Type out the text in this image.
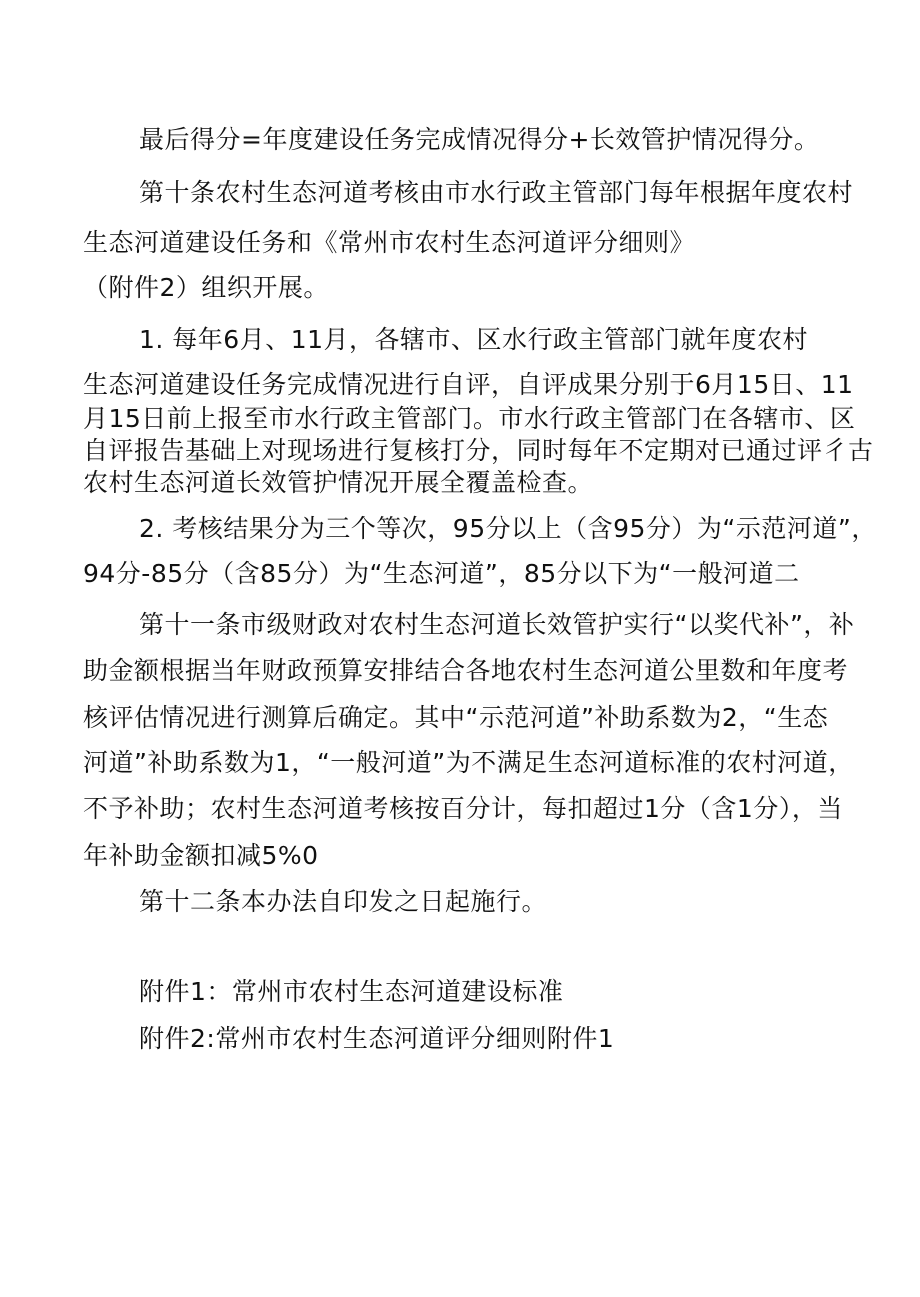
最后得分=年度建设任务完成情况得分+长效管护情况得分。
第十条农村生态河道考核由市水行政主管部门每年根据年度农村
生态河道建设任务和《常州市农村生态河道评分细则》
（附件2）组织开展。
1. 每年6月、11月，各辖市、区水行政主管部门就年度农村
生态河道建设任务完成情况进行自评，自评成果分别于6月15日、11
月15日前上报至市水行政主管部门。市水行政主管部门在各辖市、区
自评报告基础上对现场进行复核打分，同时每年不定期对已通过评彳古
农村生态河道长效管护情况开展全覆盖检查。
2. 考核结果分为三个等次，95分以上（含95分）为“示范河道”，
94分-85分（含85分）为“生态河道”，85分以下为“一般河道二
第十一条市级财政对农村生态河道长效管护实行“以奖代补”，补
助金额根据当年财政预算安排结合各地农村生态河道公里数和年度考
核评估情况进行测算后确定。其中“示范河道”补助系数为2，“生态
河道”补助系数为1，“一般河道”为不满足生态河道标准的农村河道，
不予补助；农村生态河道考核按百分计，每扣超过1分（含1分），当
年补助金额扣减5%0
第十二条本办法自印发之日起施行。
附件1：常州市农村生态河道建设标准
附件2:常州市农村生态河道评分细则附件1
